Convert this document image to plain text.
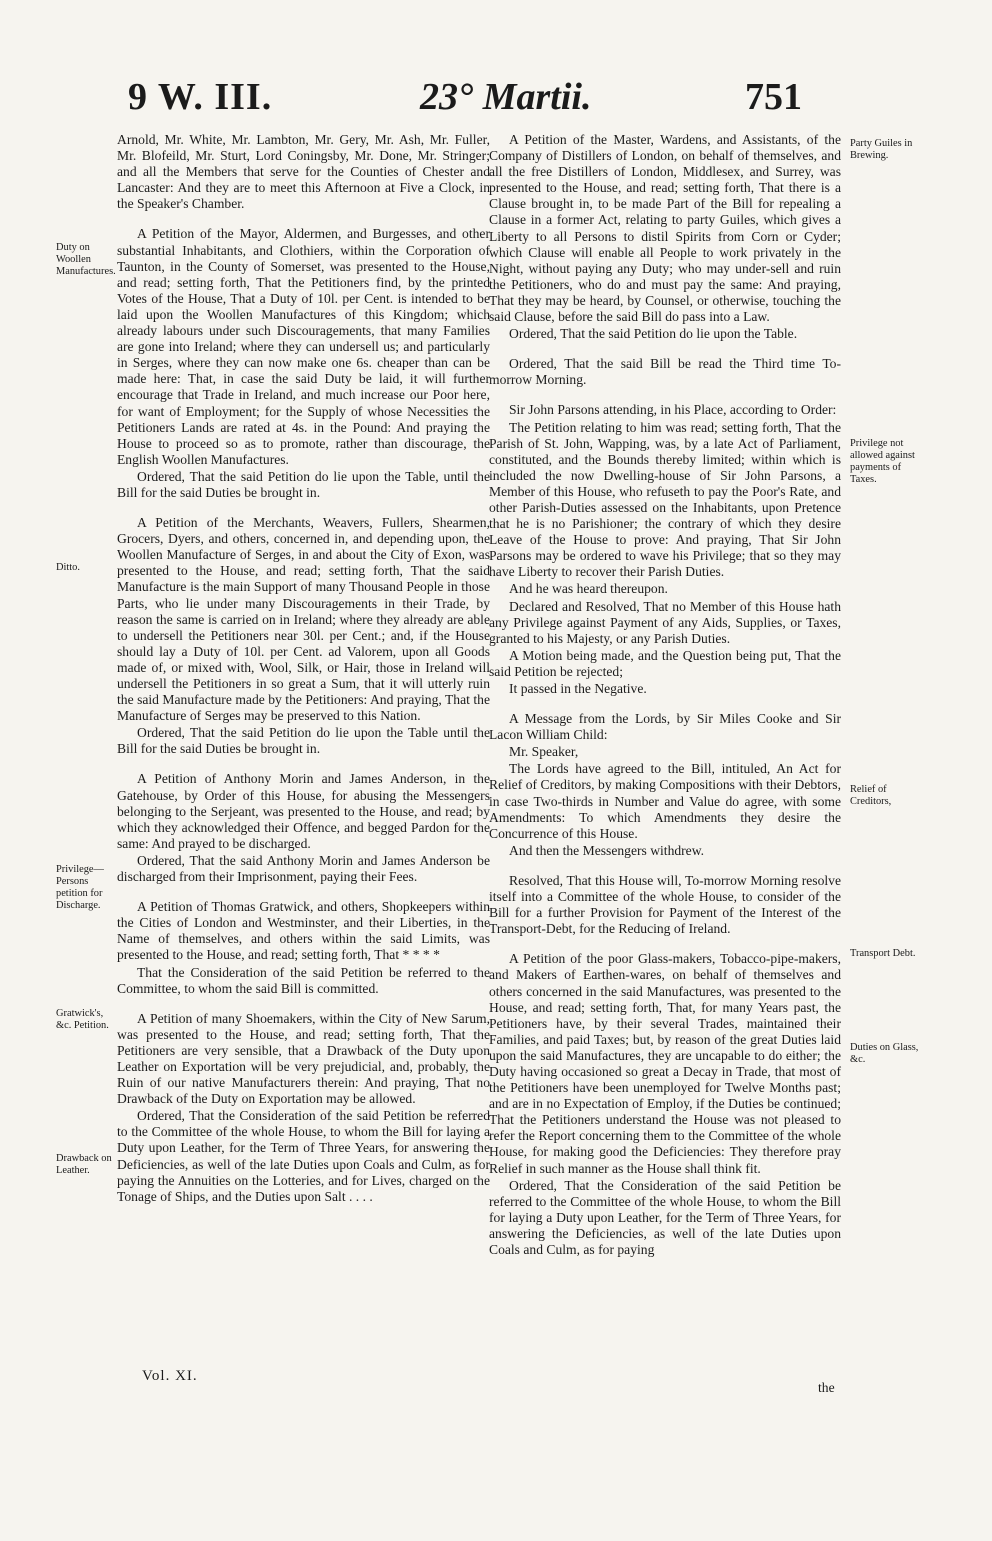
9 W. III.	23° Martii.	751
Duty on Woollen Manufactures.
Ditto.
Privilege—Persons petition for Discharge.
Gratwick's, &c. Petition.
Drawback on Leather.
Party Guiles in Brewing.
Privilege not allowed against payments of Taxes.
Relief of Creditors,
Transport Debt.
Duties on Glass, &c.

Arnold, Mr. White, Mr. Lambton, Mr. Gery, Mr. Ash, Mr. Fuller, Mr. Blofeild, Mr. Sturt, Lord Coningsby, Mr. Done, Mr. Stringer; and all the Members that serve for the Counties of Chester and Lancaster: And they are to meet this Afternoon at Five a Clock, in the Speaker's Chamber.

A Petition of the Mayor, Aldermen, and Burgesses, and other substantial Inhabitants, and Clothiers, within the Corporation of Taunton, in the County of Somerset, was presented to the House, and read; setting forth, That the Petitioners find, by the printed Votes of the House, That a Duty of 10l. per Cent. is intended to be laid upon the Woollen Manufactures of this Kingdom; which already labours under such Discouragements, that many Families are gone into Ireland; where they can undersell us; and particularly in Serges, where they can now make one 6s. cheaper than can be made here: That, in case the said Duty be laid, it will further encourage that Trade in Ireland, and much increase our Poor here, for want of Employment; for the Supply of whose Necessities the Petitioners Lands are rated at 4s. in the Pound: And praying the House to proceed so as to promote, rather than discourage, the English Woollen Manufactures.

Ordered, That the said Petition do lie upon the Table, until the Bill for the said Duties be brought in.

A Petition of the Merchants, Weavers, Fullers, Shearmen, Grocers, Dyers, and others, concerned in, and depending upon, the Woollen Manufacture of Serges, in and about the City of Exon, was presented to the House, and read; setting forth, That the said Manufacture is the main Support of many Thousand People in those Parts, who lie under many Discouragements in their Trade, by reason the same is carried on in Ireland; where they already are able to undersell the Petitioners near 30l. per Cent.; and, if the House should lay a Duty of 10l. per Cent. ad Valorem, upon all Goods made of, or mixed with, Wool, Silk, or Hair, those in Ireland will undersell the Petitioners in so great a Sum, that it will utterly ruin the said Manufacture made by the Petitioners: And praying, That the Manufacture of Serges may be preserved to this Nation.

Ordered, That the said Petition do lie upon the Table until the Bill for the said Duties be brought in.

A Petition of Anthony Morin and James Anderson, in the Gatehouse, by Order of this House, for abusing the Messengers belonging to the Serjeant, was presented to the House, and read; by which they acknowledged their Offence, and begged Pardon for the same: And prayed to be discharged.

Ordered, That the said Anthony Morin and James Anderson be discharged from their Imprisonment, paying their Fees.

A Petition of Thomas Gratwick, and others, Shopkeepers within the Cities of London and Westminster, and their Liberties, in the Name of themselves, and others within the said Limits, was presented to the House, and read; setting forth, That * * * *

That the Consideration of the said Petition be referred to the Committee, to whom the said Bill is committed.

A Petition of many Shoemakers, within the City of New Sarum, was presented to the House, and read; setting forth, That the Petitioners are very sensible, that a Drawback of the Duty upon Leather on Exportation will be very prejudicial, and, probably, the Ruin of our native Manufacturers therein: And praying, That no Drawback of the Duty on Exportation may be allowed.

Ordered, That the Consideration of the said Petition be referred to the Committee of the whole House, to whom the Bill for laying a Duty upon Leather, for the Term of Three Years, for answering the Deficiencies, as well of the late Duties upon Coals and Culm, as for paying the Annuities on the Lotteries, and for Lives, charged on the Tonage of Ships, and the Duties upon Salt . . . .

A Petition of the Master, Wardens, and Assistants, of the Company of Distillers of London, on behalf of themselves, and all the free Distillers of London, Middlesex, and Surrey, was presented to the House, and read; setting forth, That there is a Clause brought in, to be made Part of the Bill for repealing a Clause in a former Act, relating to party Guiles, which gives a Liberty to all Persons to distil Spirits from Corn or Cyder; which Clause will enable all People to work privately in the Night, without paying any Duty; who may under-sell and ruin the Petitioners, who do and must pay the same: And praying, That they may be heard, by Counsel, or otherwise, touching the said Clause, before the said Bill do pass into a Law.

Ordered, That the said Petition do lie upon the Table.

Ordered, That the said Bill be read the Third time To-morrow Morning.

Sir John Parsons attending, in his Place, according to Order:

The Petition relating to him was read; setting forth, That the Parish of St. John, Wapping, was, by a late Act of Parliament, constituted, and the Bounds thereby limited; within which is included the now Dwelling-house of Sir John Parsons, a Member of this House, who refuseth to pay the Poor's Rate, and other Parish-Duties assessed on the Inhabitants, upon Pretence that he is no Parishioner; the contrary of which they desire Leave of the House to prove: And praying, That Sir John Parsons may be ordered to wave his Privilege; that so they may have Liberty to recover their Parish Duties.

And he was heard thereupon.

Declared and Resolved, That no Member of this House hath any Privilege against Payment of any Aids, Supplies, or Taxes, granted to his Majesty, or any Parish Duties.

A Motion being made, and the Question being put, That the said Petition be rejected;

It passed in the Negative.

A Message from the Lords, by Sir Miles Cooke and Sir Lacon William Child:

Mr. Speaker,

The Lords have agreed to the Bill, intituled, An Act for Relief of Creditors, by making Compositions with their Debtors, in case Two-thirds in Number and Value do agree, with some Amendments: To which Amendments they desire the Concurrence of this House.

And then the Messengers withdrew.

Resolved, That this House will, To-morrow Morning resolve itself into a Committee of the whole House, to consider of the Bill for a further Provision for Payment of the Interest of the Transport-Debt, for the Reducing of Ireland.

A Petition of the poor Glass-makers, Tobacco-pipe-makers, and Makers of Earthen-wares, on behalf of themselves and others concerned in the said Manufactures, was presented to the House, and read; setting forth, That, for many Years past, the Petitioners have, by their several Trades, maintained their Families, and paid Taxes; but, by reason of the great Duties laid upon the said Manufactures, they are uncapable to do either; the Duty having occasioned so great a Decay in Trade, that most of the Petitioners have been unemployed for Twelve Months past; and are in no Expectation of Employ, if the Duties be continued; That the Petitioners understand the House was not pleased to refer the Report concerning them to the Committee of the whole House, for making good the Deficiencies: They therefore pray Relief in such manner as the House shall think fit.

Ordered, That the Consideration of the said Petition be referred to the Committee of the whole House, to whom the Bill for laying a Duty upon Leather, for the Term of Three Years, for answering the Deficiencies, as well of the late Duties upon Coals and Culm, as for paying

Vol. XI.
the
